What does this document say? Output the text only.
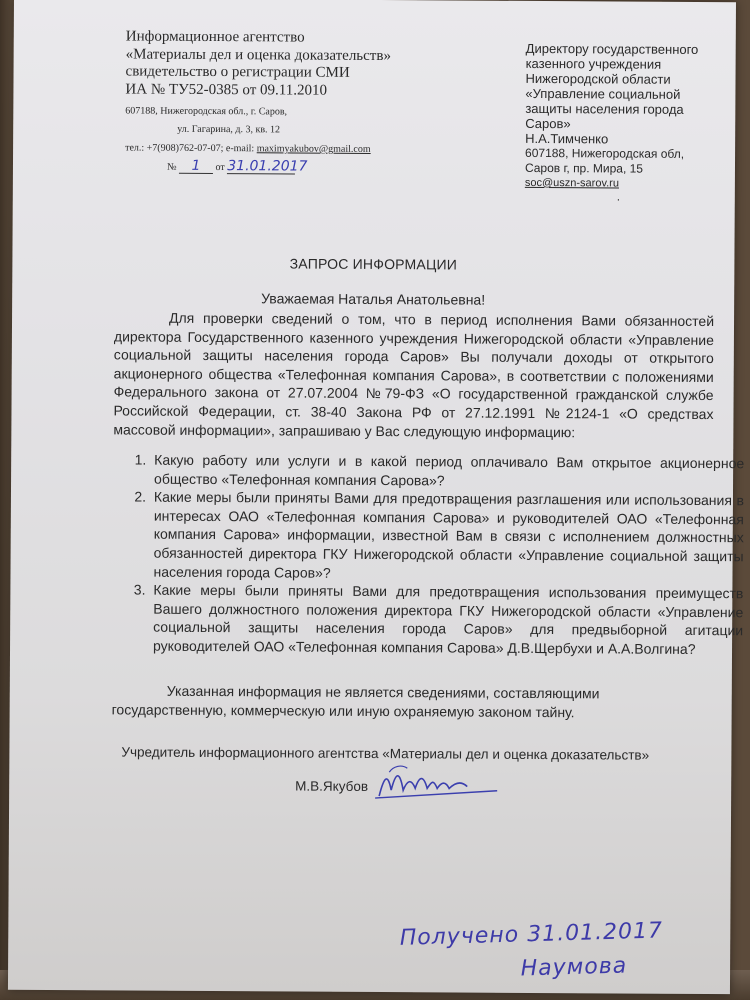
Информационное агентство
«Материалы дел и оценка доказательств»
свидетельство о регистрации СМИ
ИА № ТУ52-0385 от 09.11.2010
607188, Нижегородская обл., г. Саров,
ул. Гагарина, д. 3, кв. 12
тел.: +7(908)762-07-07; e-mail: maximyakubov@gmail.com
№ 1 от 31.01.2017
Директору государственного
казенного учреждения
Нижегородской области
«Управление социальной
защиты населения города
Саров»
Н.А.Тимченко
607188, Нижегородская обл,
Саров г, пр. Мира, 15
soc@uszn-sarov.ru
.
ЗАПРОС ИНФОРМАЦИИ
Уважаемая Наталья Анатольевна!
Для проверки сведений о том, что в период исполнения Вами обязанностей директора Государственного казенного учреждения Нижегородской области «Управление социальной защиты населения города Саров» Вы получали доходы от открытого акционерного общества «Телефонная компания Сарова», в соответствии с положениями Федерального закона от 27.07.2004 №79-ФЗ «О государственной гражданской службе Российской Федерации, ст. 38-40 Закона РФ от 27.12.1991 №2124-1 «О средствах массовой информации», запрашиваю у Вас следующую информацию:
1. Какую работу или услуги и в какой период оплачивало Вам открытое акционерное общество «Телефонная компания Сарова»?
2. Какие меры были приняты Вами для предотвращения разглашения или использования в интересах ОАО «Телефонная компания Сарова» и руководителей ОАО «Телефонная компания Сарова» информации, известной Вам в связи с исполнением должностных обязанностей директора ГКУ Нижегородской области «Управление социальной защиты населения города Саров»?
3. Какие меры были приняты Вами для предотвращения использования преимуществ Вашего должностного положения директора ГКУ Нижегородской области «Управление социальной защиты населения города Саров» для предвыборной агитации руководителей ОАО «Телефонная компания Сарова» Д.В.Щербухи и А.А.Волгина?
Указанная информация не является сведениями, составляющими государственную, коммерческую или иную охраняемую законом тайну.
Учредитель информационного агентства «Материалы дел и оценка доказательств»
М.В.Якубов
Получено 31.01.2017
Наумова
